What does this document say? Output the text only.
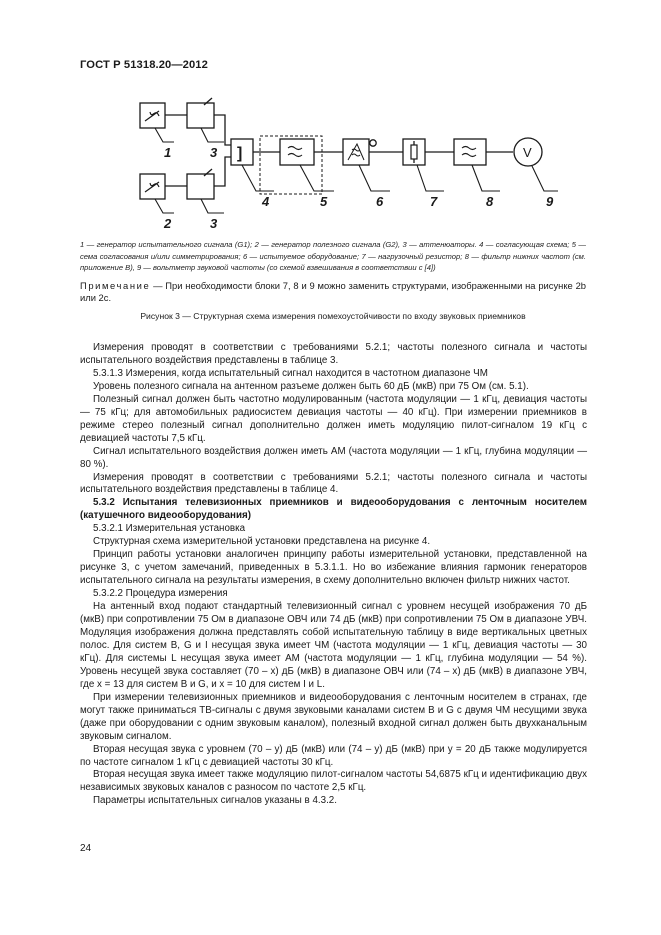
ГОСТ Р 51318.20—2012
1	3
2	3
4	5	6	7	8	9
]	V
1 — генератор испытательного сигнала (G1); 2 — генератор полезного сигнала (G2), 3 — аттенюаторы. 4 — согласующая схема; 5 — сема согласования и/или симметрирования; 6 — испытуемое оборудование; 7 — нагрузочный резистор; 8 — фильтр нижних частот (см. приложение В), 9 — вольтметр звуковой частоты (со схемой взвешивания в соответствии с [4])
Примечание — При необходимости блоки 7, 8 и 9 можно заменить структурами, изображенными на рисунке 2b или 2с.
Рисунок 3 — Структурная схема измерения помехоустойчивости по входу звуковых приемников

Измерения проводят в соответствии с требованиями 5.2.1; частоты полезного сигнала и частоты испытательного воздействия представлены в таблице 3.

5.3.1.3 Измерения, когда испытательный сигнал находится в частотном диапазоне ЧМ

Уровень полезного сигнала на антенном разъеме должен быть 60 дБ (мкВ) при 75 Ом (см. 5.1).

Полезный сигнал должен быть частотно модулированным (частота модуляции — 1 кГц, девиация частоты — 75 кГц; для автомобильных радиосистем девиация частоты — 40 кГц). При измерении приемников в режиме стерео полезный сигнал дополнительно должен иметь модуляцию пилот-сигналом 19 кГц с девиацией частоты 7,5 кГц.

Сигнал испытательного воздействия должен иметь АМ (частота модуляции — 1 кГц, глубина модуляции — 80 %).

Измерения проводят в соответствии с требованиями 5.2.1; частоты полезного сигнала и частоты испытательного воздействия представлены в таблице 4.

5.3.2 Испытания телевизионных приемников и видеооборудования с ленточным носителем (катушечного видеооборудования)

5.3.2.1 Измерительная установка

Структурная схема измерительной установки представлена на рисунке 4.

Принцип работы установки аналогичен принципу работы измерительной установки, представленной на рисунке 3, с учетом замечаний, приведенных в 5.3.1.1. Но во избежание влияния гармоник генераторов испытательного сигнала на результаты измерения, в схему дополнительно включен фильтр нижних частот.

5.3.2.2 Процедура измерения

На антенный вход подают стандартный телевизионный сигнал с уровнем несущей изображения 70 дБ (мкВ) при сопротивлении 75 Ом в диапазоне ОВЧ или 74 дБ (мкВ) при сопротивлении 75 Ом в диапазоне УВЧ. Модуляция изображения должна представлять собой испытательную таблицу в виде вертикальных цветных полос. Для систем B, G и I несущая звука имеет ЧМ (частота модуляции — 1 кГц, девиация частоты — 30 кГц). Для системы L несущая звука имеет АМ (частота модуляции — 1 кГц, глубина модуляции — 54 %). Уровень несущей звука составляет (70 – x) дБ (мкВ) в диапазоне ОВЧ или (74 – x) дБ (мкВ) в диапазоне УВЧ, где x = 13 для систем B и G, и x = 10 для систем I и L.

При измерении телевизионных приемников и видеооборудования с ленточным носителем в странах, где могут также приниматься ТВ-сигналы с двумя звуковыми каналами систем B и G с двумя ЧМ несущими звука (даже при оборудовании с одним звуковым каналом), полезный входной сигнал должен быть двухканальным звуковым сигналом.

Вторая несущая звука с уровнем (70 – y) дБ (мкВ) или (74 – y) дБ (мкВ) при y = 20 дБ также модулируется по частоте сигналом 1 кГц с девиацией частоты 30 кГц.

Вторая несущая звука имеет также модуляцию пилот-сигналом частоты 54,6875 кГц и идентификацию двух независимых звуковых каналов с разносом по частоте 2,5 кГц.

Параметры испытательных сигналов указаны в 4.3.2.

24
